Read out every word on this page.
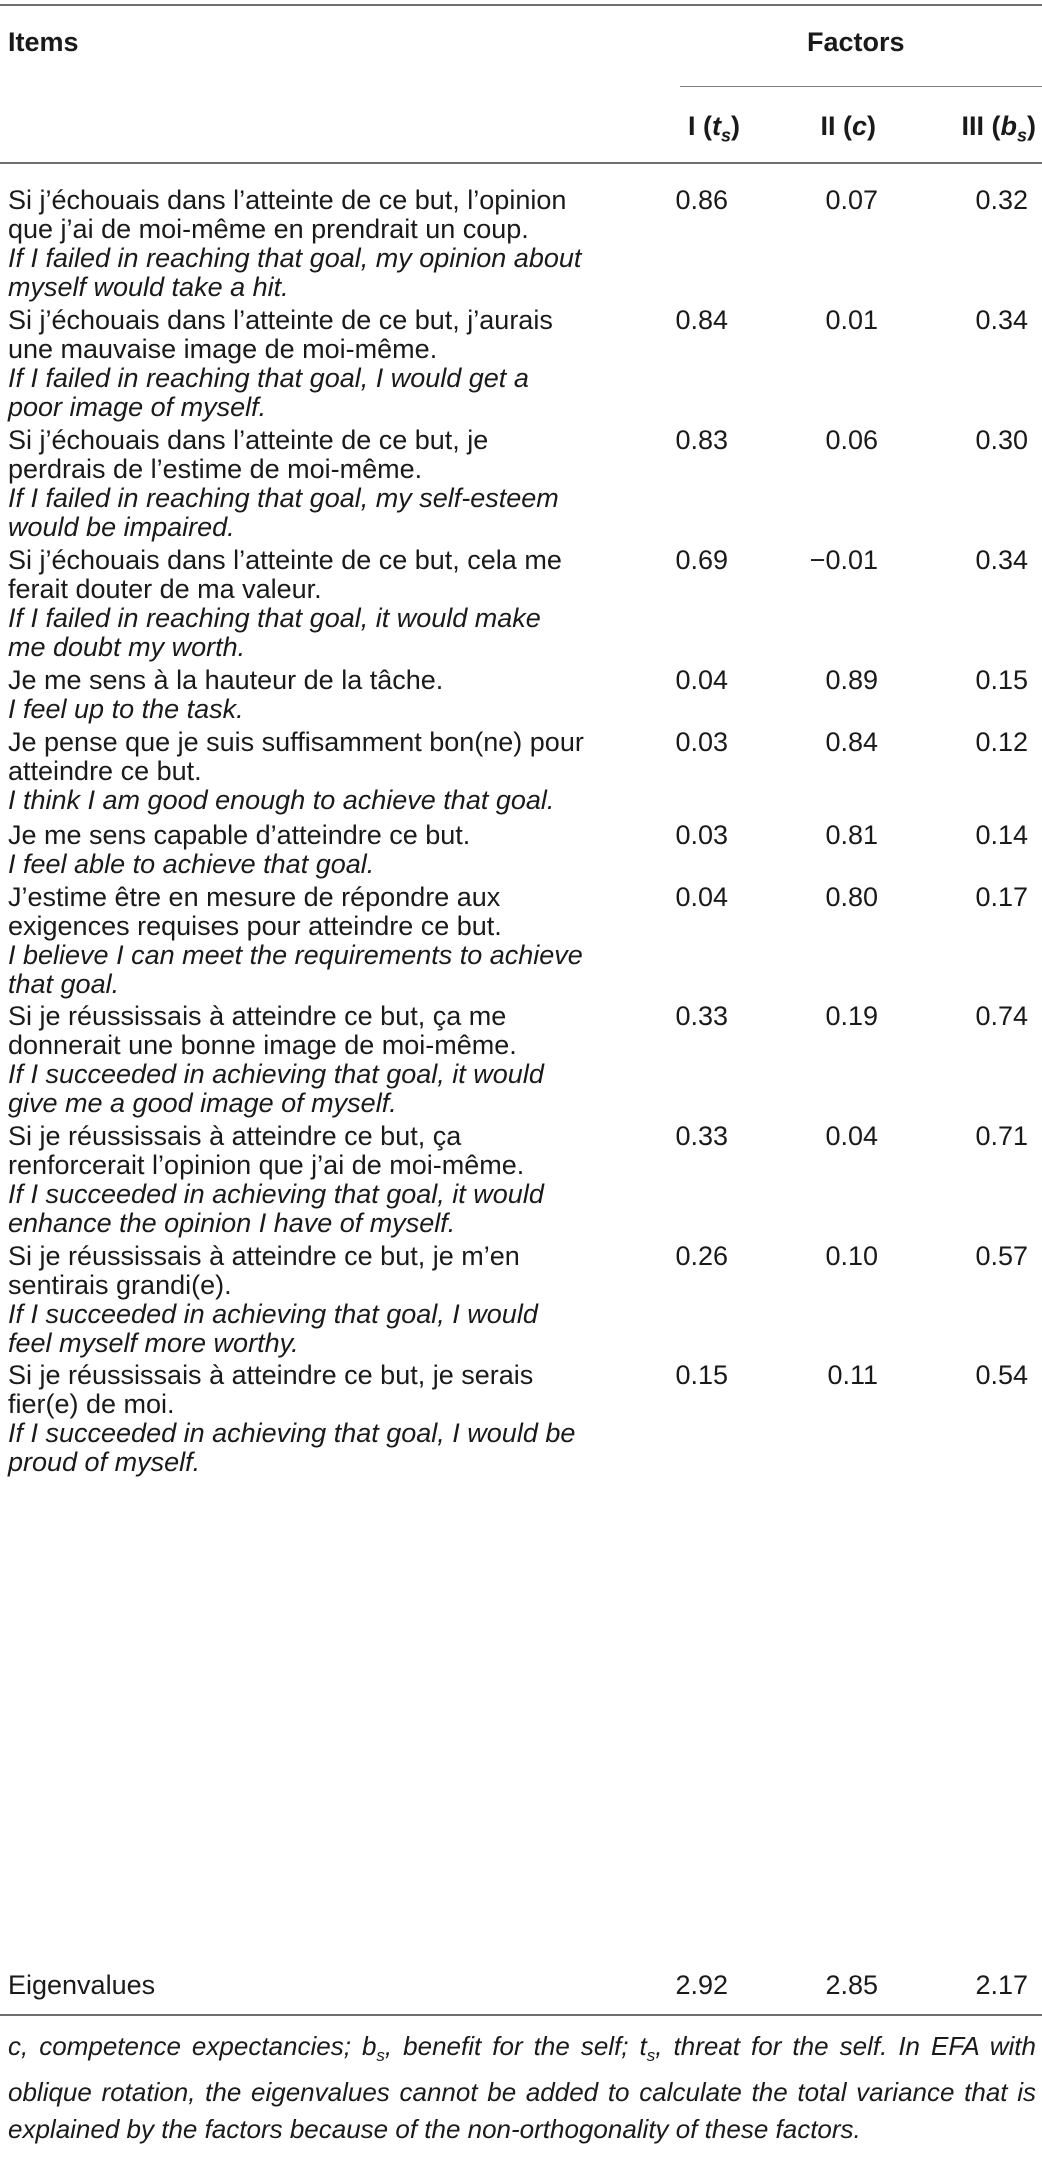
Items	Factors
I $(t_s)$	II (c)	III $(b_s)$
Si j’échouais dans l’atteinte de ce but, l’opinion
que j’ai de moi-même en prendrait un coup.
If I failed in reaching that goal, my opinion about
myself would take a hit.
0.86	0.07	0.32
Si j’échouais dans l’atteinte de ce but, j’aurais
une mauvaise image de moi-même.
If I failed in reaching that goal, I would get a
poor image of myself.
0.84	0.01	0.34
Si j’échouais dans l’atteinte de ce but, je
perdrais de l’estime de moi-même.
If I failed in reaching that goal, my self-esteem
would be impaired.
0.83	0.06	0.30
Si j’échouais dans l’atteinte de ce but, cela me
ferait douter de ma valeur.
If I failed in reaching that goal, it would make
me doubt my worth.
0.69	−0.01	0.34
Je me sens à la hauteur de la tâche.
I feel up to the task.
0.04	0.89	0.15
Je pense que je suis suffisamment bon(ne) pour
atteindre ce but.
I think I am good enough to achieve that goal.
0.03	0.84	0.12
Je me sens capable d’atteindre ce but.
I feel able to achieve that goal.
0.03	0.81	0.14
J’estime être en mesure de répondre aux
exigences requises pour atteindre ce but.
I believe I can meet the requirements to achieve
that goal.
0.04	0.80	0.17
Si je réussissais à atteindre ce but, ça me
donnerait une bonne image de moi-même.
If I succeeded in achieving that goal, it would
give me a good image of myself.
0.33	0.19	0.74
Si je réussissais à atteindre ce but, ça
renforcerait l’opinion que j’ai de moi-même.
If I succeeded in achieving that goal, it would
enhance the opinion I have of myself.
0.33	0.04	0.71
Si je réussissais à atteindre ce but, je m’en
sentirais grandi(e).
If I succeeded in achieving that goal, I would
feel myself more worthy.
0.26	0.10	0.57
Si je réussissais à atteindre ce but, je serais
fier(e) de moi.
If I succeeded in achieving that goal, I would be
proud of myself.
0.15	0.11	0.54
Eigenvalues	2.92	2.85	2.17
c, competence expectancies; $b_s$, benefit for the self; $t_s$, threat for the self. In EFA with oblique rotation, the eigenvalues cannot be added to calculate the total variance that is explained by the factors because of the non-orthogonality of these factors.
